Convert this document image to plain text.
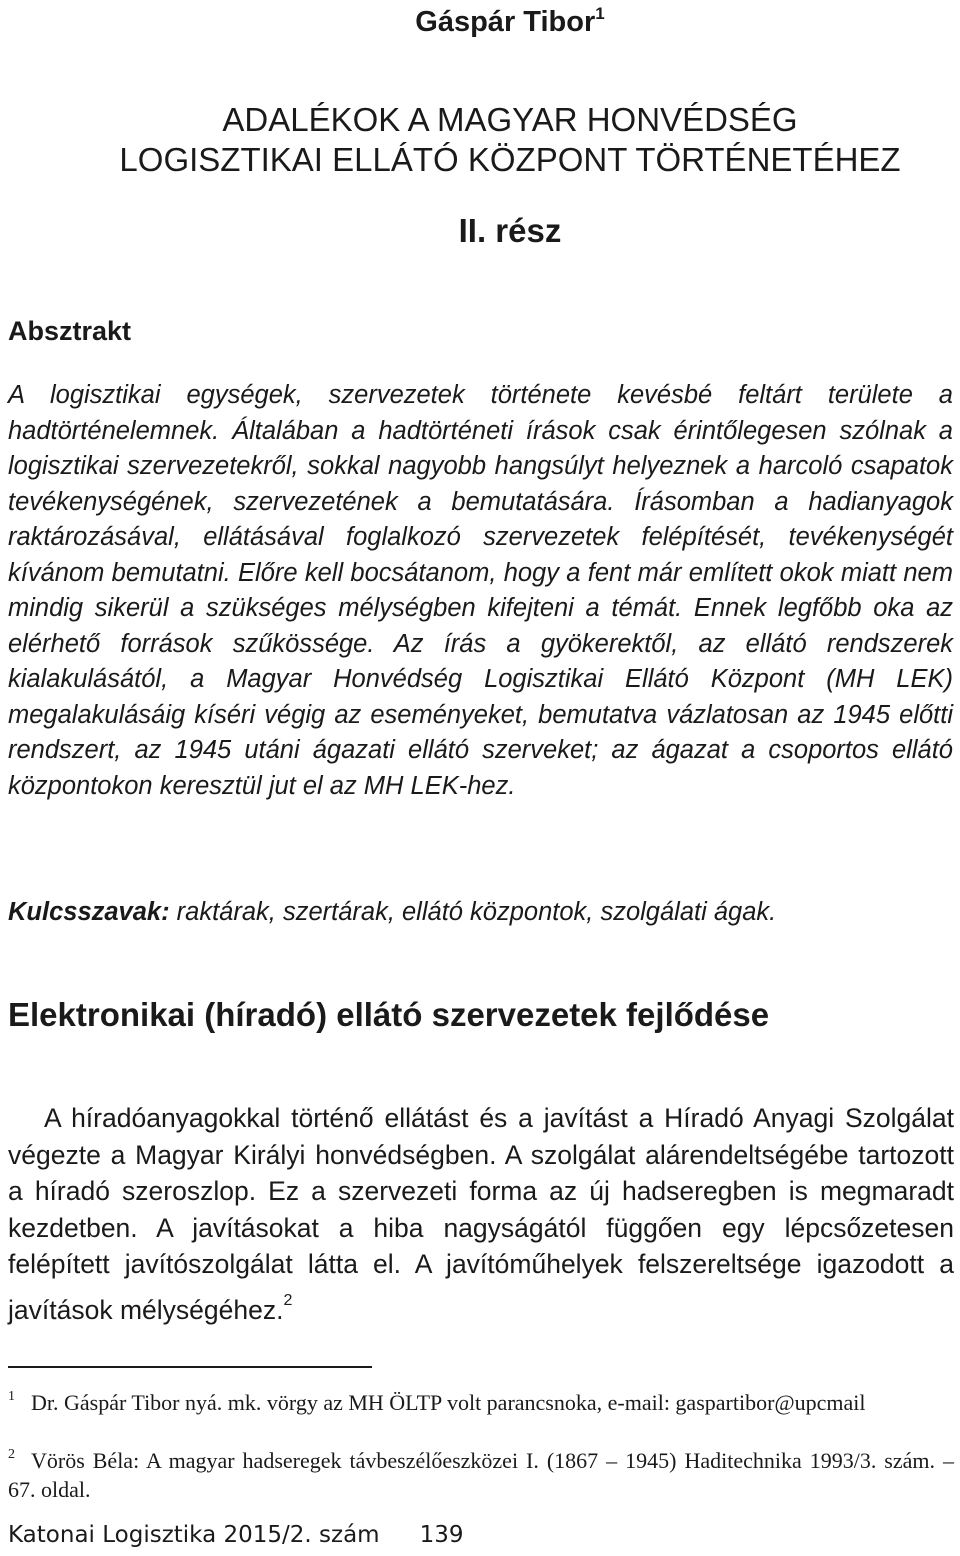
Gáspár Tibor$^1$
ADALÉKOK A MAGYAR HONVÉDSÉG
LOGISZTIKAI ELLÁTÓ KÖZPONT TÖRTÉNETÉHEZ
II. rész
Absztrakt

A logisztikai egységek, szervezetek története kevésbé feltárt területe a hadtörténelemnek. Általában a hadtörténeti írások csak érintőlegesen szólnak a logisztikai szervezetekről, sokkal nagyobb hangsúlyt helyeznek a harcoló csapatok tevékenységének, szervezetének a bemutatására. Írásomban a hadianyagok raktározásával, ellátásával foglalkozó szervezetek felépítését, tevékenységét kívánom bemutatni. Előre kell bocsátanom, hogy a fent már említett okok miatt nem mindig sikerül a szükséges mélységben kifejteni a témát. Ennek legfőbb oka az elérhető források szűkössége. Az írás a gyökerektől, az ellátó rendszerek kialakulásától, a Magyar Honvédség Logisztikai Ellátó Központ (MH LEK) megalakulásáig kíséri végig az eseményeket, bemutatva vázlatosan az 1945 előtti rendszert, az 1945 utáni ágazati ellátó szerveket; az ágazat a csoportos ellátó központokon keresztül jut el az MH LEK-hez.

Kulcsszavak: raktárak, szertárak, ellátó központok, szolgálati ágak.

Elektronikai (híradó) ellátó szervezetek fejlődése

A híradóanyagokkal történő ellátást és a javítást a Híradó Anyagi Szolgálat végezte a Magyar Királyi honvédségben. A szolgálat alárendeltségébe tartozott a híradó szeroszlop. Ez a szervezeti forma az új hadseregben is megmaradt kezdetben. A javításokat a hiba nagyságától függően egy lépcsőzetesen felépített javítószolgálat látta el. A javítóműhelyek felszereltsége igazodott a javítások mélységéhez.$^2$

$^1$ Dr. Gáspár Tibor nyá. mk. vörgy az MH ÖLTP volt parancsnoka, e-mail: gaspartibor@upcmail

$^2$ Vörös Béla: A magyar hadseregek távbeszélőeszközei I. (1867 – 1945) Haditechnika 1993/3. szám. – 67. oldal.

Katonai Logisztika 2015/2. szám 139
